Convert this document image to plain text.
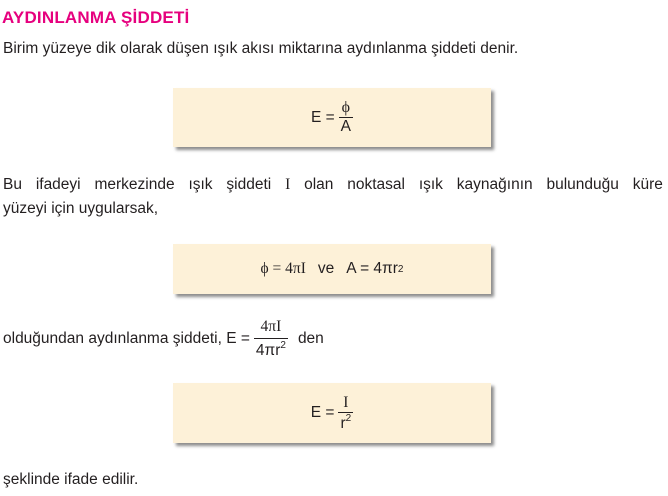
AYDINLANMA ŞİDDETİ
Birim yüzeye dik olarak düşen ışık akısı miktarına aydınlanma şiddeti denir.
$E = \frac{\phi}{A}$
Bu ifadeyi merkezinde ışık şiddeti I olan noktasal ışık kaynağının bulunduğu küre
yüzeyi için uygularsak,
ϕ = 4πI ve A = 4πr 2
olduğundan aydınlanma şiddeti, $E = \frac{4\pi I}{4\pi r^2}$ den
$E = \frac{I}{r^2}$
şeklinde ifade edilir.
